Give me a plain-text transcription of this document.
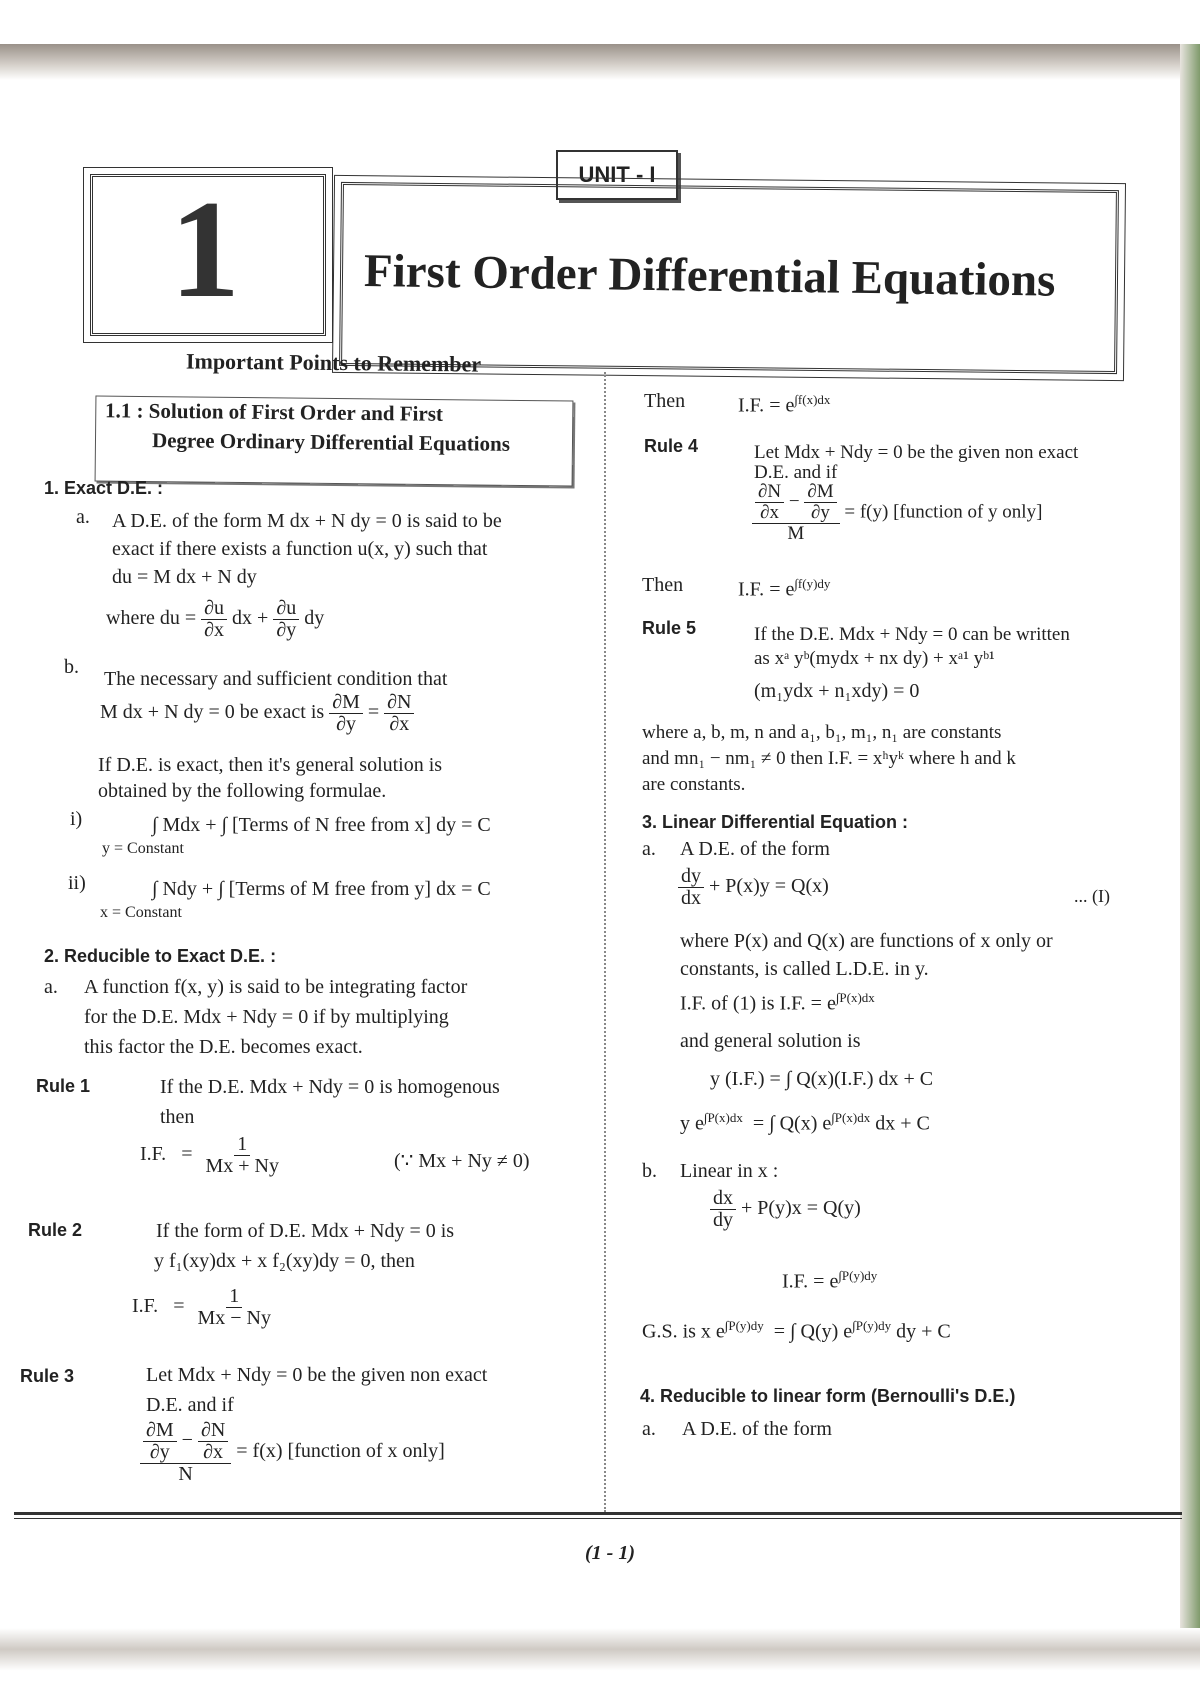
UNIT - I
1	First Order Differential Equations
Important Points to Remember
1.1 : Solution of First Order and First
Degree Ordinary Differential Equations
1. Exact D.E. :
a. A D.E. of the form M dx + N dy = 0 is said to be
exact if there exists a function u(x, y) such that
du = M dx + N dy
where du = $\frac{\partial u}{\partial x}$ dx + $\frac{\partial u}{\partial y}$ dy
b.
The necessary and sufficient condition that
M dx + N dy = 0 be exact is $\frac{\partial M}{\partial y} = \frac{\partial N}{\partial x}$
If D.E. is exact, then it's general solution is
obtained by the following formulae.
i)	∫ Mdx + ∫ [Terms of N free from x] dy = C
y = Constant
ii)	∫ Ndy + ∫ [Terms of M free from y] dx = C
x = Constant
2. Reducible to Exact D.E. :
a. A function f(x, y) is said to be integrating factor
for the D.E. Mdx + Ndy = 0 if by multiplying
this factor the D.E. becomes exact.
Rule 1	If the D.E. Mdx + Ndy = 0 is homogenous
then
I.F. = $\frac{1}{Mx + Ny}$	(∵ Mx + Ny ≠ 0)
Rule 2	If the form of D.E. Mdx + Ndy = 0 is
y f₁(xy)dx + x f₂(xy)dy = 0, then
I.F. = $\frac{1}{Mx - Ny}$
Rule 3	Let Mdx + Ndy = 0 be the given non exact
D.E. and if
$\frac{\frac{\partial M}{\partial y} - \frac{\partial N}{\partial x}}{N} = f(x)$ [function of x only]
Then	I.F. = $e^{\int f(x)dx}$
Rule 4	Let Mdx + Ndy = 0 be the given non exact
D.E. and if
$\frac{\frac{\partial N}{\partial x} - \frac{\partial M}{\partial y}}{M} = f(y)$ [function of y only]
Then	I.F. = $e^{\int f(y)dy}$
Rule 5	If the D.E. Mdx + Ndy = 0 can be written
as xᵃ yᵇ(mydx + nx dy) + xᵃ¹ yᵇ¹
(m₁ydx + n₁xdy) = 0
where a, b, m, n and a₁, b₁, m₁, n₁ are constants
and mn₁ − nm₁ ≠ 0 then I.F. = xʰyᵏ where h and k
are constants.
3. Linear Differential Equation :
a. A D.E. of the form
$\frac{dy}{dx} + P(x)y = Q(x)$	... (I)
where P(x) and Q(x) are functions of x only or
constants, is called L.D.E. in y.
I.F. of (1) is I.F. = $e^{\int P(x)dx}$
and general solution is
y (I.F.) = ∫ Q(x)(I.F.) dx + C
y $e^{\int P(x)dx}$ = ∫ Q(x) $e^{\int P(x)dx}$ dx + C
b. Linear in x :
$\frac{dx}{dy} + P(y)x = Q(y)$
I.F. = $e^{\int P(y)dy}$
G.S. is x $e^{\int P(y)dy}$ = ∫ Q(y) $e^{\int P(y)dy}$ dy + C
4. Reducible to linear form (Bernoulli's D.E.)
a. A D.E. of the form
(1 - 1)
